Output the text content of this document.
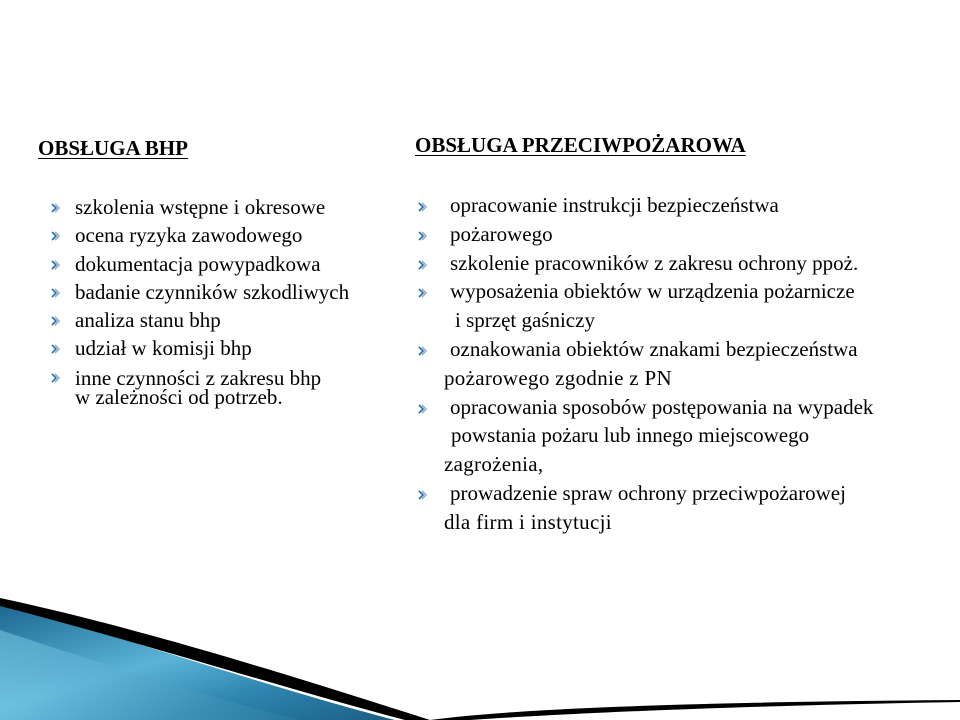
OBSŁUGA BHP
szkolenia wstępne i okresowe
ocena ryzyka zawodowego
dokumentacja powypadkowa
badanie czynników szkodliwych
analiza stanu bhp
udział w komisji bhp
inne czynności z zakresu bhp
w zależności od potrzeb.
OBSŁUGA PRZECIWPOŻAROWA
opracowanie instrukcji bezpieczeństwa
pożarowego
szkolenie pracowników z zakresu ochrony ppoż.
wyposażenia obiektów w urządzenia pożarnicze
i sprzęt gaśniczy
oznakowania obiektów znakami bezpieczeństwa
pożarowego zgodnie z PN
opracowania sposobów postępowania na wypadek
powstania pożaru lub innego miejscowego
zagrożenia,
prowadzenie spraw ochrony przeciwpożarowej
dla firm i instytucji
